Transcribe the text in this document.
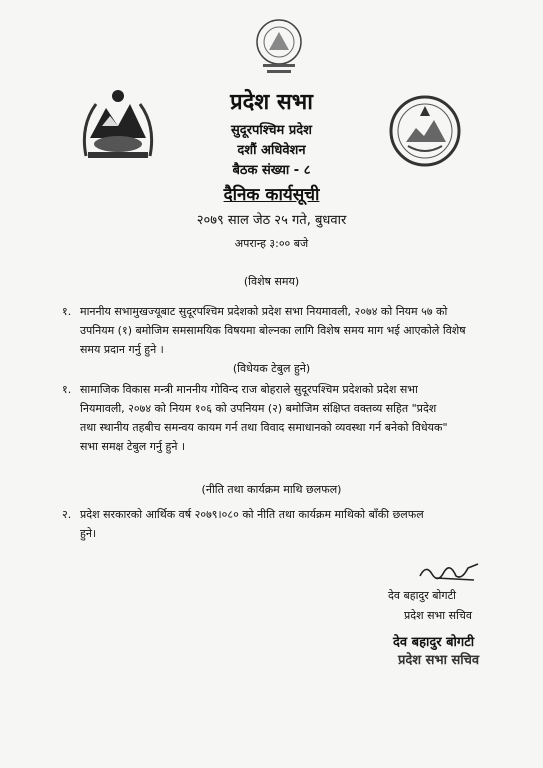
प्रदेश सभा
सुदूरपश्चिम प्रदेश
दशौं अधिवेशन
बैठक संख्या - ८
दैनिक कार्यसूची
२०७९ साल जेठ २५ गते, बुधवार
अपरान्ह ३:०० बजे
(विशेष समय)
१. माननीय सभामुखज्यूबाट सुदूरपश्चिम प्रदेशको प्रदेश सभा नियमावली, २०७४ को नियम ५७ को
उपनियम (१) बमोजिम समसामयिक विषयमा बोल्नका लागि विशेष समय माग भई आएकोले विशेष
समय प्रदान गर्नु हुने ।
(विधेयक टेबुल हुने)
१. सामाजिक विकास मन्त्री माननीय गोविन्द राज बोहराले सुदूरपश्चिम प्रदेशको प्रदेश सभा
नियमावली, २०७४ को नियम १०६ को उपनियम (२) बमोजिम संक्षिप्त वक्तव्य सहित "प्रदेश
तथा स्थानीय तहबीच समन्वय कायम गर्न तथा विवाद समाधानको व्यवस्था गर्न बनेको विधेयक"
सभा समक्ष टेबुल गर्नु हुने ।
(नीति तथा कार्यक्रम माथि छलफल)
२. प्रदेश सरकारको आर्थिक वर्ष २०७९।०८० को नीति तथा कार्यक्रम माथिको बाँकी छलफल
हुने।
देव बहादुर बोगटी
प्रदेश सभा सचिव
देव बहादुर बोगटी
प्रदेश सभा सचिव
